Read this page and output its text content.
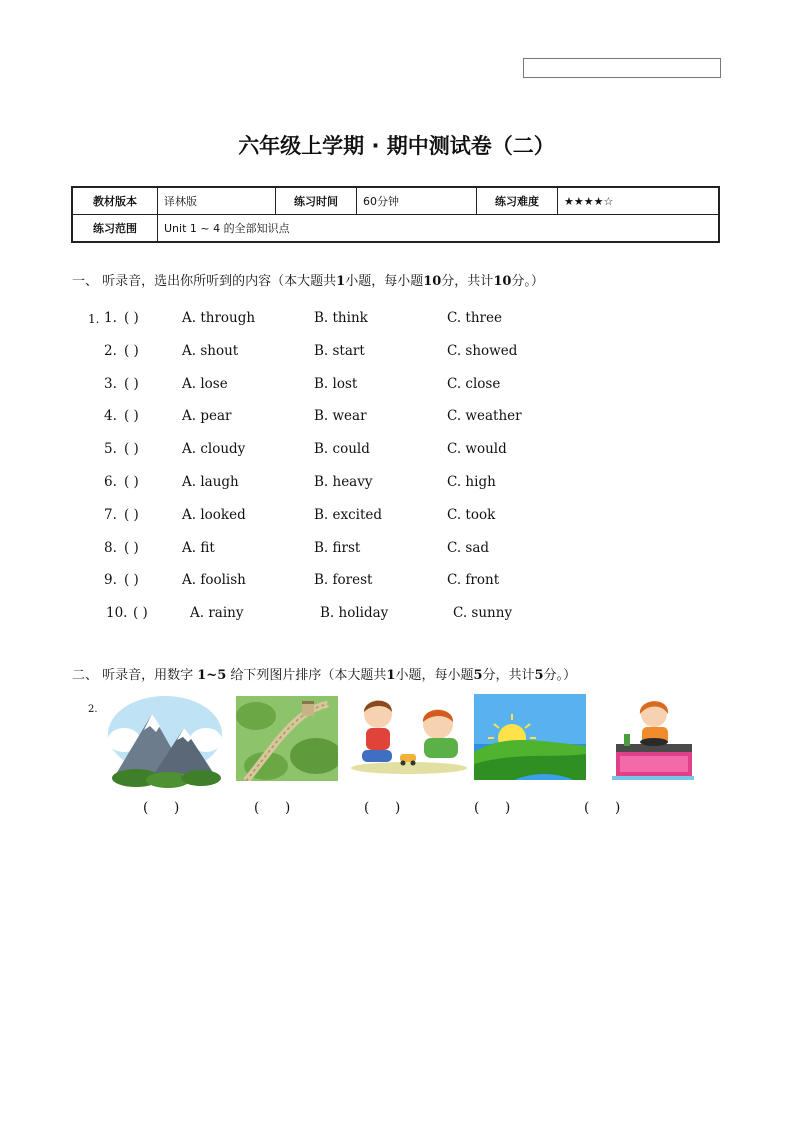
六年级上学期 · 期中测试卷（二）
教材版本	译林版	练习时间	60分钟	练习难度	★★★★☆
练习范围	Unit 1 ~ 4 的全部知识点				
一、 听录音，选出你所听到的内容（本大题共1小题，每小题10分，共计10分。）
1. 1. ( )	A. through	B. think	C. three
2. ( )	A. shout	B. start	C. showed
3. ( )	A. lose	B. lost	C. close
4. ( )	A. pear	B. wear	C. weather
5. ( )	A. cloudy	B. could	C. would
6. ( )	A. laugh	B. heavy	C. high
7. ( )	A. looked	B. excited	C. took
8. ( )	A. fit	B. first	C. sad
9. ( )	A. foolish	B. forest	C. front
10. ( )	A. rainy	B. holiday	C. sunny
二、 听录音，用数字 1~5 给下列图片排序（本大题共1小题，每小题5分，共计5分。）
2.
(      )	(      )	(      )	(      )	(      )
